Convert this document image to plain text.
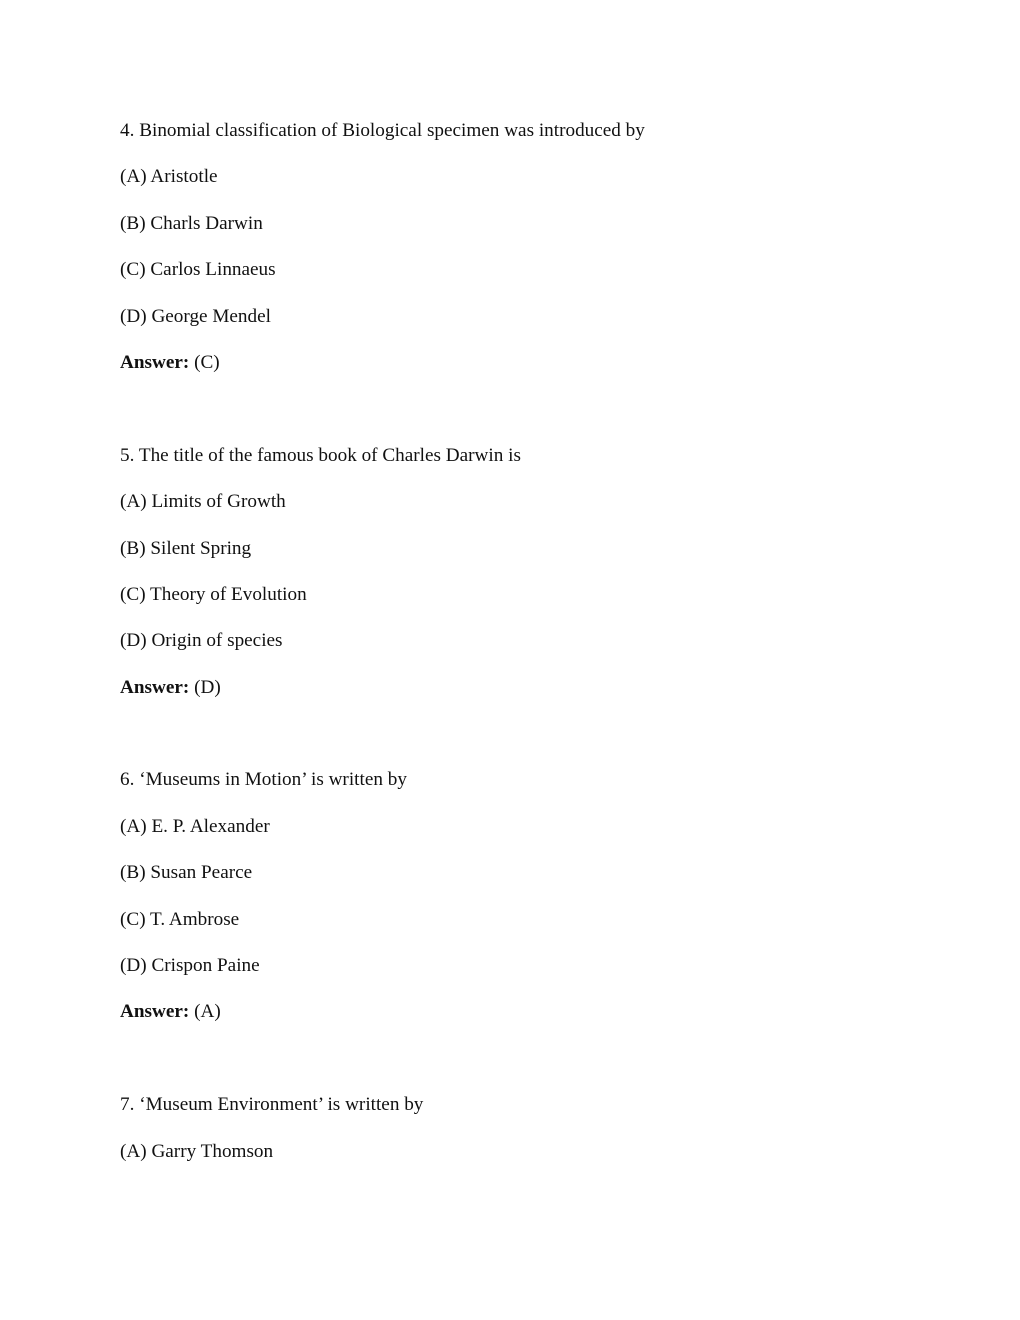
4. Binomial classification of Biological specimen was introduced by
(A) Aristotle
(B) Charls Darwin
(C) Carlos Linnaeus
(D) George Mendel
Answer: (C)
5. The title of the famous book of Charles Darwin is
(A) Limits of Growth
(B) Silent Spring
(C) Theory of Evolution
(D) Origin of species
Answer: (D)
6. ‘Museums in Motion’ is written by
(A) E. P. Alexander
(B) Susan Pearce
(C) T. Ambrose
(D) Crispon Paine
Answer: (A)
7. ‘Museum Environment’ is written by
(A) Garry Thomson
